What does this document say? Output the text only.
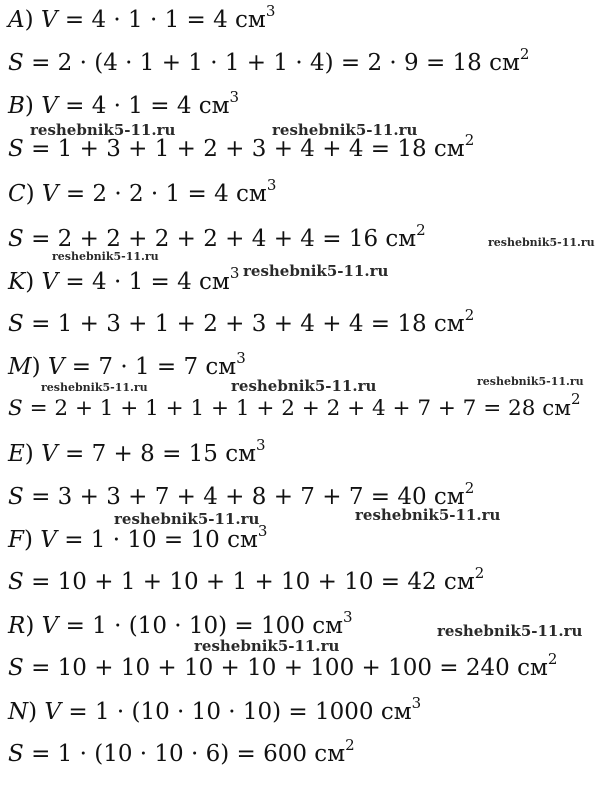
A) V = 4 · 1 · 1 = 4 $см^3$
S = 2 · (4 · 1 + 1 · 1 + 1 · 4) = 2 · 9 = 18 $см^2$
B) V = 4 · 1 = 4 $см^3$
S = 1 + 3 + 1 + 2 + 3 + 4 + 4 = 18 $см^2$
C) V = 2 · 2 · 1 = 4 $см^3$
S = 2 + 2 + 2 + 2 + 4 + 4 = 16 $см^2$
K) V = 4 · 1 = 4 $см^3$
S = 1 + 3 + 1 + 2 + 3 + 4 + 4 = 18 $см^2$
M) V = 7 · 1 = 7 $см^3$
S = 2 + 1 + 1 + 1 + 1 + 2 + 2 + 4 + 7 + 7 = 28 $см^2$
E) V = 7 + 8 = 15 $см^3$
S = 3 + 3 + 7 + 4 + 8 + 7 + 7 = 40 $см^2$
F) V = 1 · 10 = 10 $см^3$
S = 10 + 1 + 10 + 1 + 10 + 10 = 42 $см^2$
R) V = 1 · (10 · 10) = 100 $см^3$
S = 10 + 10 + 10 + 10 + 100 + 100 = 240 $см^2$
N) V = 1 · (10 · 10 · 10) = 1000 $см^3$
S = 1 · (10 · 10 · 6) = 600 $см^2$
reshebnik5-11.ru	reshebnik5-11.ru
reshebnik5-11.ru
reshebnik5-11.ru
reshebnik5-11.ru
reshebnik5-11.ru	reshebnik5-11.ru	reshebnik5-11.ru
reshebnik5-11.ru	reshebnik5-11.ru
reshebnik5-11.ru
reshebnik5-11.ru
